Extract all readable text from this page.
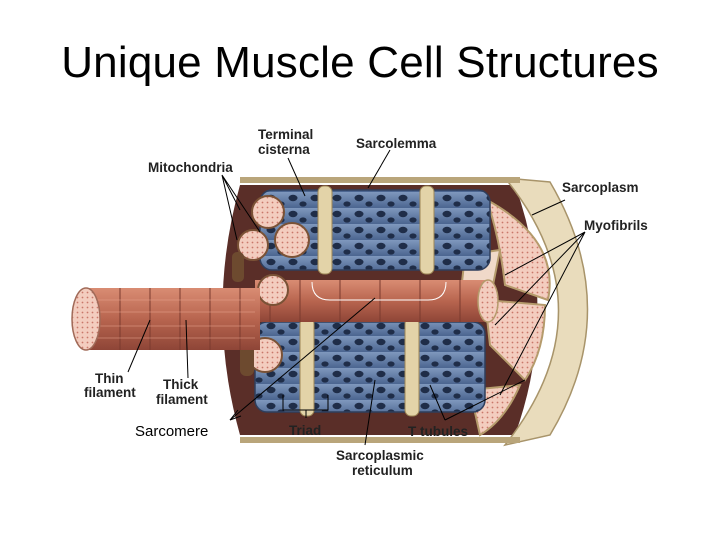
Unique Muscle Cell Structures
Terminal
cisterna	Sarcolemma
Mitochondria
Sarcoplasm
Myofibrils
Thin
filament
Thick
filament
Triad	T tubules
Sarcoplasmic
reticulum
Sarcomere
